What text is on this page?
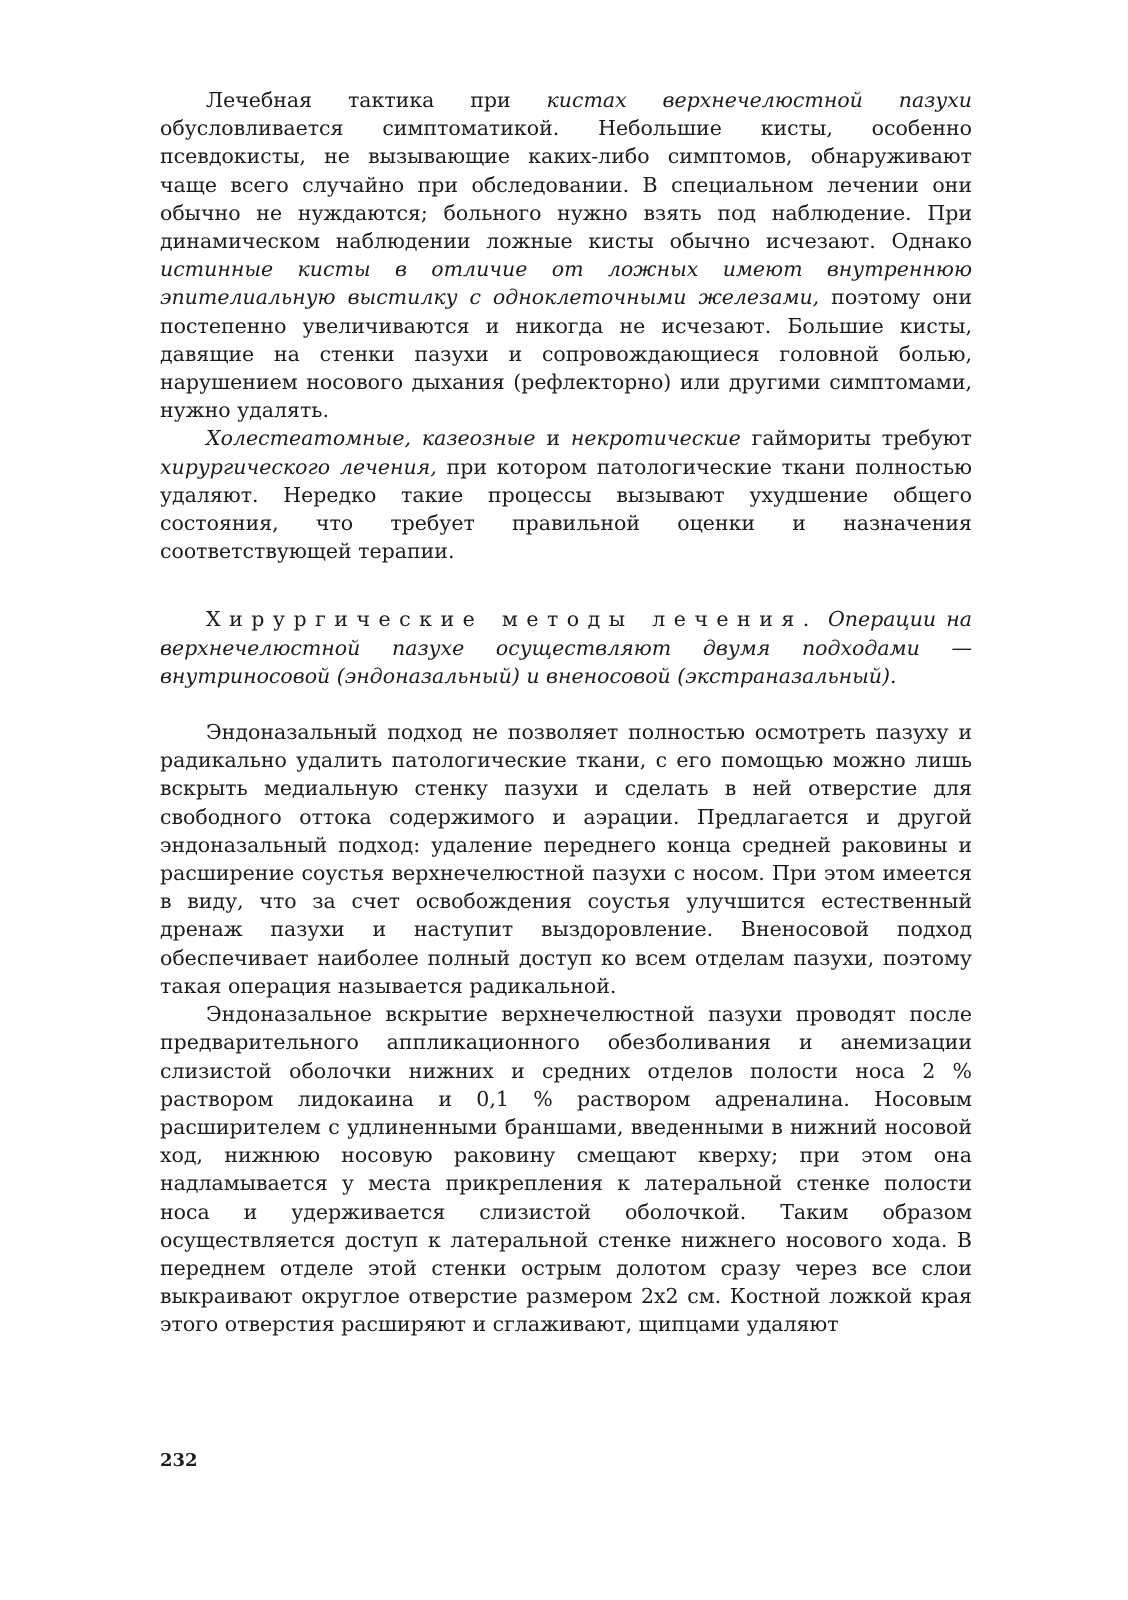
Лечебная тактика при кистах верхнечелюстной пазухи обусловливается симптоматикой. Небольшие кисты, особенно псевдокисты, не вызывающие каких-либо симптомов, обнаруживают чаще всего случайно при обследовании. В специальном лечении они обычно не нуждаются; больного нужно взять под наблюдение. При динамическом наблюдении ложные кисты обычно исчезают. Однако истинные кисты в отличие от ложных имеют внутреннюю эпителиальную выстилку с одноклеточными железами, поэтому они постепенно увеличиваются и никогда не исчезают. Большие кисты, давящие на стенки пазухи и сопровождающиеся головной болью, нарушением носового дыхания (рефлекторно) или другими симптомами, нужно удалять.

Холестеатомные, казеозные и некротические гаймориты требуют хирургического лечения, при котором патологические ткани полностью удаляют. Нередко такие процессы вызывают ухудшение общего состояния, что требует правильной оценки и назначения соответствующей терапии.

Хирургические методы лечения. Операции на верхнечелюстной пазухе осуществляют двумя подходами — внутриносовой (эндоназальный) и вненосовой (экстраназальный).

Эндоназальный подход не позволяет полностью осмотреть пазуху и радикально удалить патологические ткани, с его помощью можно лишь вскрыть медиальную стенку пазухи и сделать в ней отверстие для свободного оттока содержимого и аэрации. Предлагается и другой эндоназальный подход: удаление переднего конца средней раковины и расширение соустья верхнечелюстной пазухи с носом. При этом имеется в виду, что за счет освобождения соустья улучшится естественный дренаж пазухи и наступит выздоровление. Вненосовой подход обеспечивает наиболее полный доступ ко всем отделам пазухи, поэтому такая операция называется радикальной.

Эндоназальное вскрытие верхнечелюстной пазухи проводят после предварительного аппликационного обезболивания и анемизации слизистой оболочки нижних и средних отделов полости носа 2 % раствором лидокаина и 0,1 % раствором адреналина. Носовым расширителем с удлиненными браншами, введенными в нижний носовой ход, нижнюю носовую раковину смещают кверху; при этом она надламывается у места прикрепления к латеральной стенке полости носа и удерживается слизистой оболочкой. Таким образом осуществляется доступ к латеральной стенке нижнего носового хода. В переднем отделе этой стенки острым долотом сразу через все слои выкраивают округлое отверстие размером 2х2 см. Костной ложкой края этого отверстия расширяют и сглаживают, щипцами удаляют

232
